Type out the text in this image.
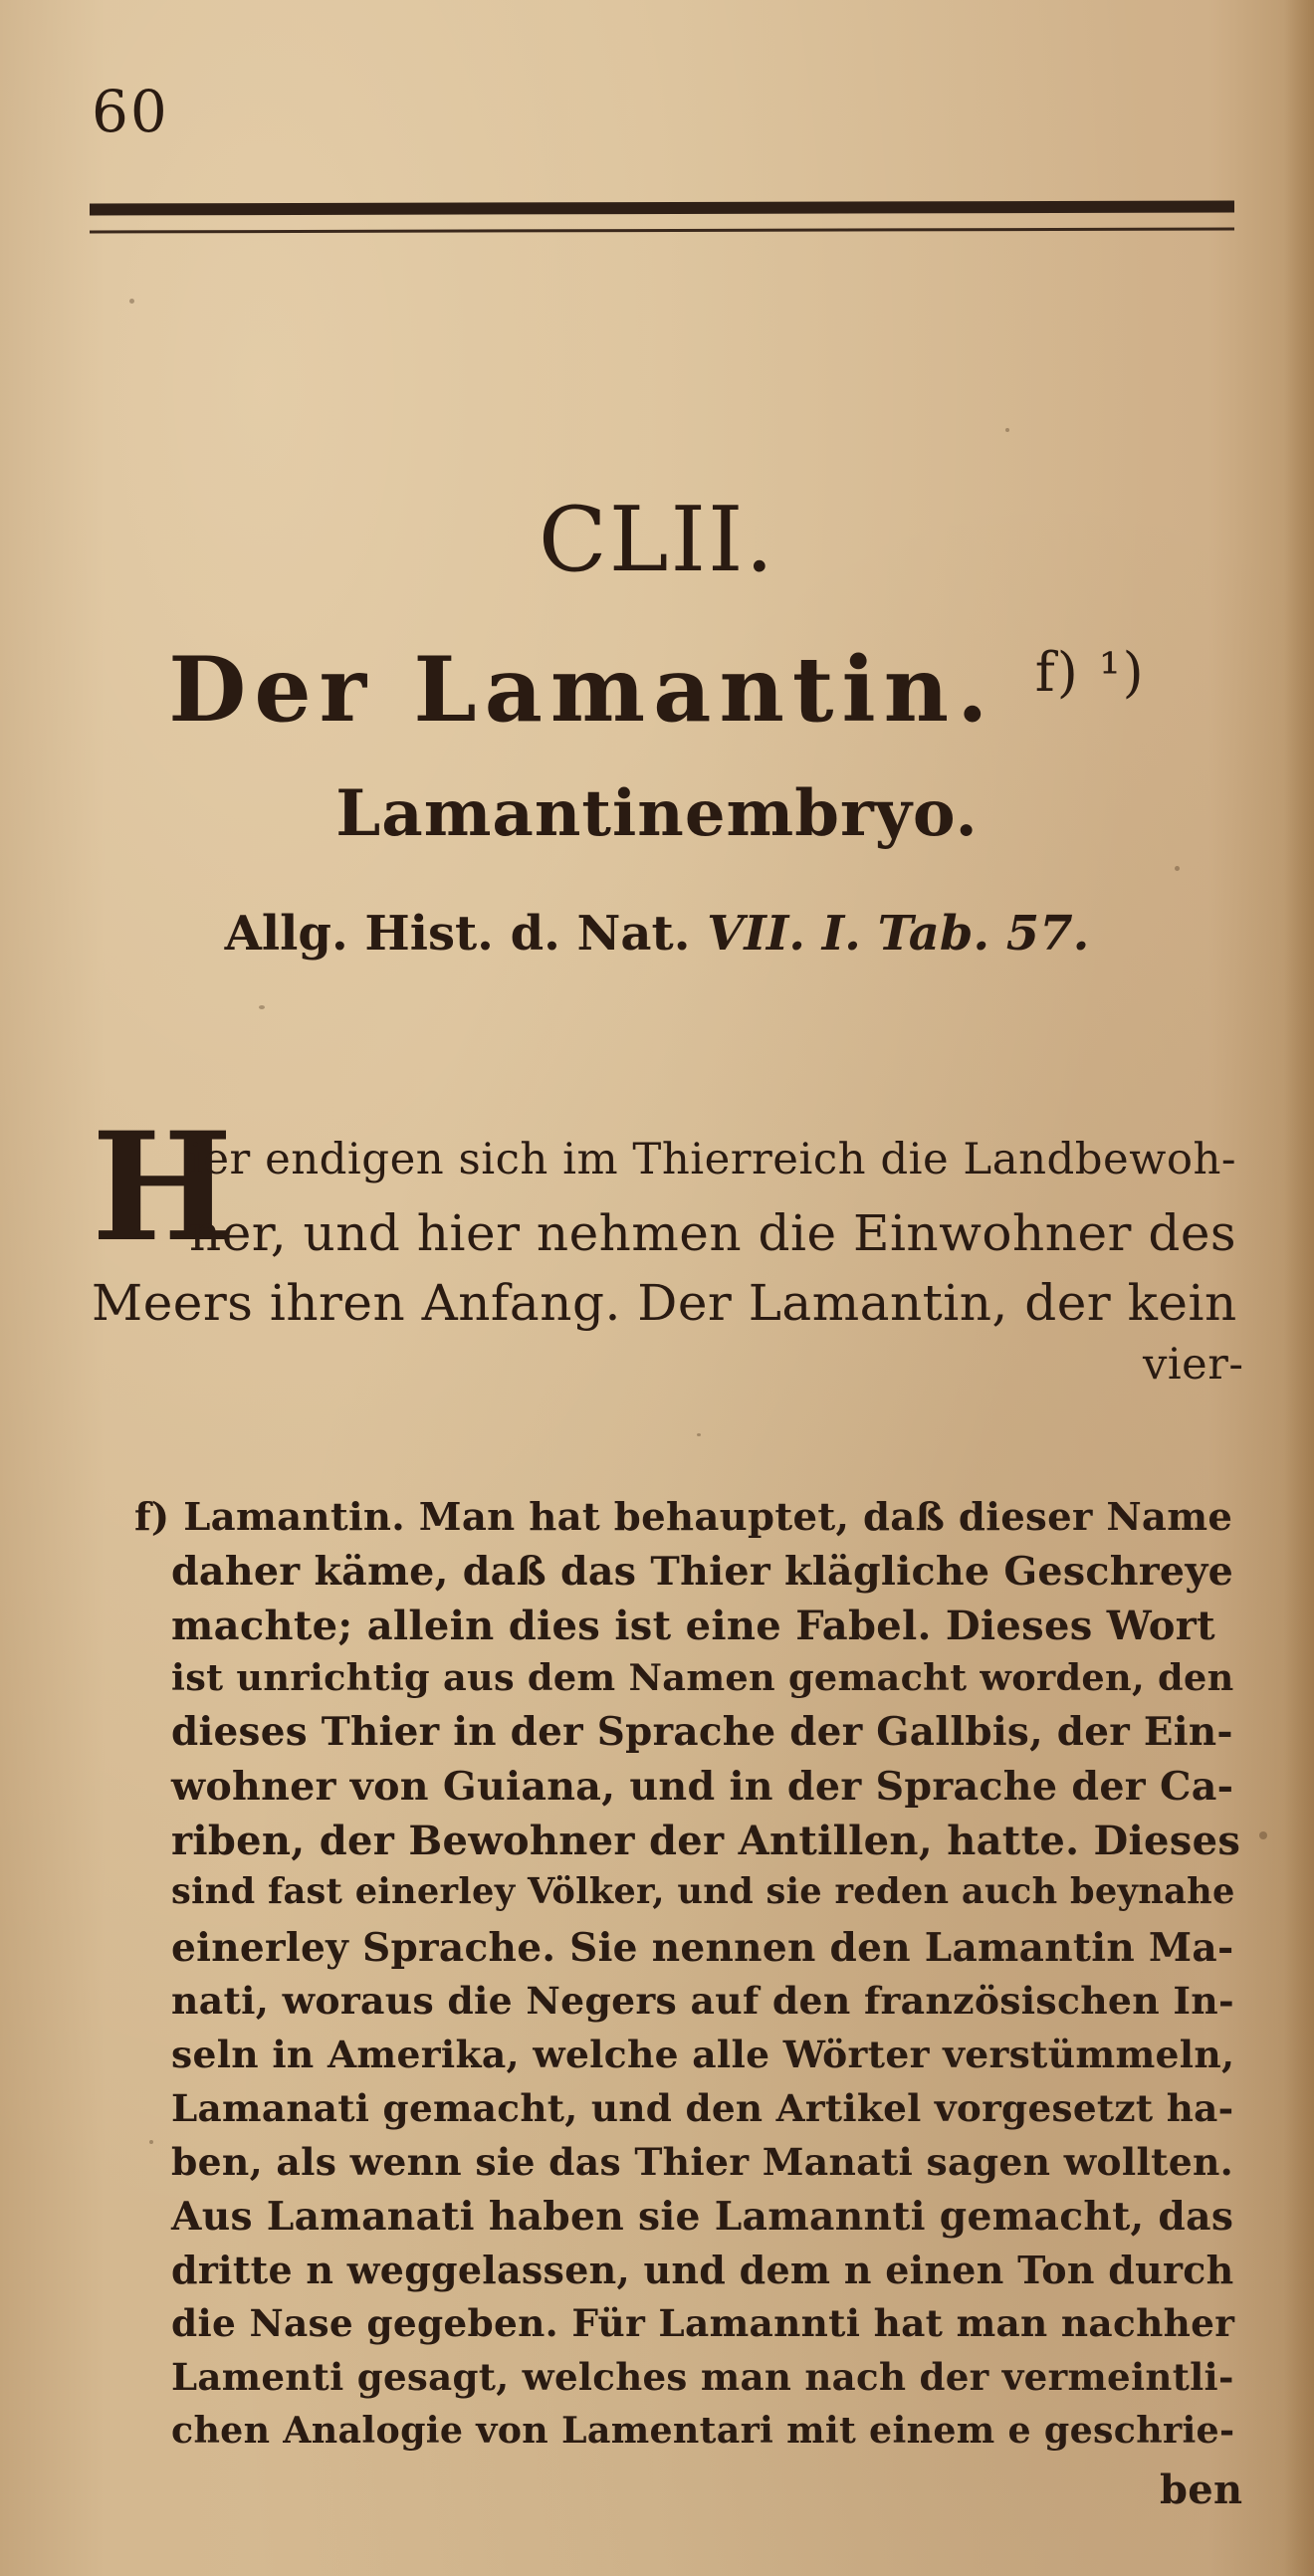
60
CLII.
Der Lamantin. $^{f) ^1)}$
Lamantinembryo.
Allg. Hist. d. Nat. VII. I. Tab. 57.
H
ier endigen sich im Thierreich die Landbewoh-
ner, und hier nehmen die Einwohner des
Meers ihren Anfang. Der Lamantin, der kein
vier-
f) Lamantin. Man hat behauptet, daß dieser Name
daher käme, daß das Thier klägliche Geschreye
machte; allein dies ist eine Fabel. Dieses Wort
ist unrichtig aus dem Namen gemacht worden, den
dieses Thier in der Sprache der Gallbis, der Ein-
wohner von Guiana, und in der Sprache der Ca-
riben, der Bewohner der Antillen, hatte. Dieses
sind fast einerley Völker, und sie reden auch beynahe
einerley Sprache. Sie nennen den Lamantin Ma-
nati, woraus die Negers auf den französischen In-
seln in Amerika, welche alle Wörter verstümmeln,
Lamanati gemacht, und den Artikel vorgesetzt ha-
ben, als wenn sie das Thier Manati sagen wollten.
Aus Lamanati haben sie Lamannti gemacht, das
dritte n weggelassen, und dem n einen Ton durch
die Nase gegeben. Für Lamannti hat man nachher
Lamenti gesagt, welches man nach der vermeintli-
chen Analogie von Lamentari mit einem e geschrie-
ben
